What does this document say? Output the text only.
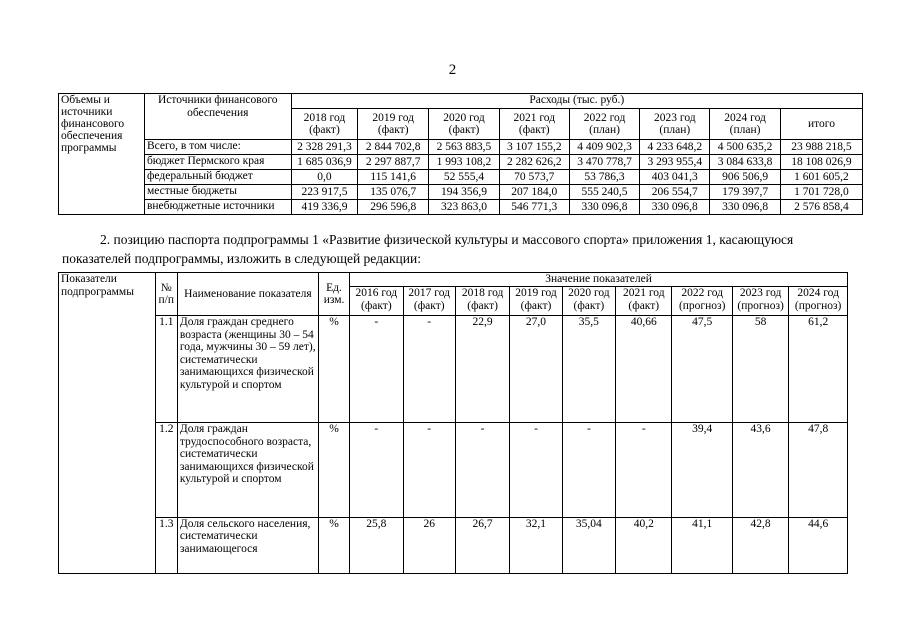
2
Объемы и источники финансового обеспечения программы	Источники финансового обеспечения	Расходы (тыс. руб.)							
		2018 год (факт)	2019 год (факт)	2020 год (факт)	2021 год (факт)	2022 год (план)	2023 год (план)	2024 год (план)	итого
	Всего, в том числе:	2 328 291,3	2 844 702,8	2 563 883,5	3 107 155,2	4 409 902,3	4 233 648,2	4 500 635,2	23 988 218,5
	бюджет Пермского края	1 685 036,9	2 297 887,7	1 993 108,2	2 282 626,2	3 470 778,7	3 293 955,4	3 084 633,8	18 108 026,9
	федеральный бюджет	0,0	115 141,6	52 555,4	70 573,7	53 786,3	403 041,3	906 506,9	1 601 605,2
	местные бюджеты	223 917,5	135 076,7	194 356,9	207 184,0	555 240,5	206 554,7	179 397,7	1 701 728,0
	внебюджетные источники	419 336,9	296 596,8	323 863,0	546 771,3	330 096,8	330 096,8	330 096,8	2 576 858,4
2. позицию паспорта подпрограммы 1 «Развитие физической культуры и массового спорта» приложения 1, касающуюся показателей подпрограммы, изложить в следующей редакции:
Показатели подпрограммы	№ п/п	Наименование показателя	Ед. изм.	Значение показателей								
				2016 год (факт)	2017 год (факт)	2018 год (факт)	2019 год (факт)	2020 год (факт)	2021 год (факт)	2022 год (прогноз)	2023 год (прогноз)	2024 год (прогноз)
	1.1	Доля граждан среднего возраста (женщины 30 – 54 года, мужчины 30 – 59 лет), систематически занимающихся физической культурой и спортом	%	-	-	22,9	27,0	35,5	40,66	47,5	58	61,2
	1.2	Доля граждан трудоспособного возраста, систематически занимающихся физической культурой и спортом	%	-	-	-	-	-	-	39,4	43,6	47,8
	1.3	Доля сельского населения, систематически занимающегося	%	25,8	26	26,7	32,1	35,04	40,2	41,1	42,8	44,6
